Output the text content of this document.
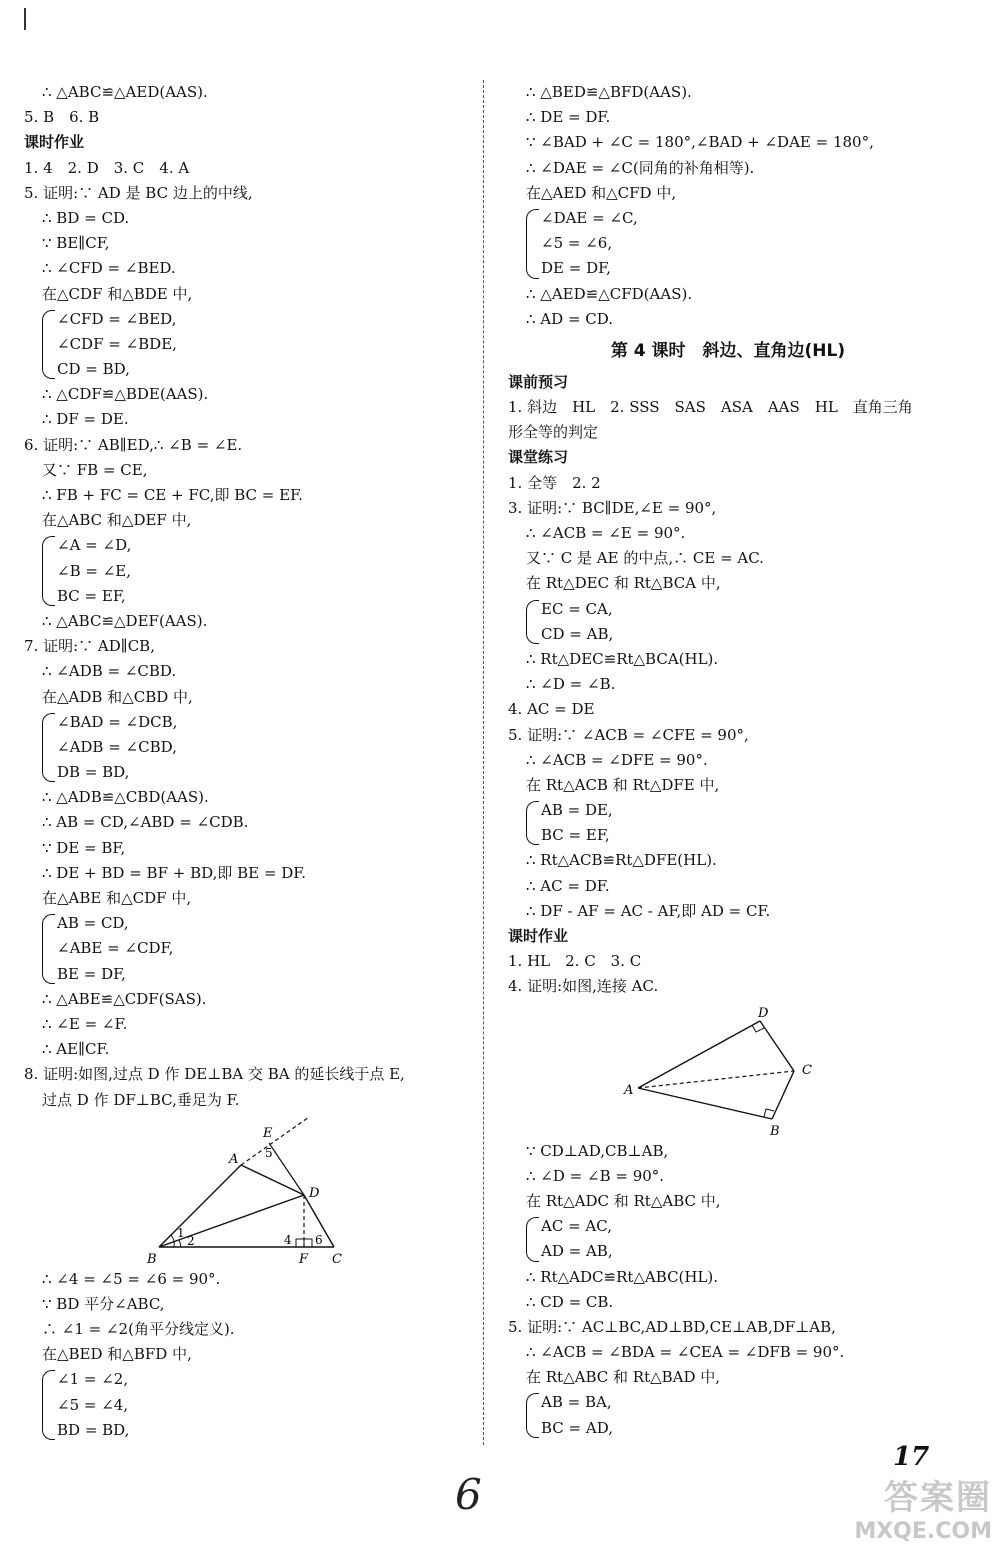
∴ △ABC≌△AED(AAS).
5. B　6. B
课时作业
1. 4　2. D　3. C　4. A
5. 证明:∵ AD 是 BC 边上的中线,
∴ BD = CD.
∵ BE∥CF,
∴ ∠CFD = ∠BED.
在△CDF 和△BDE 中,
∠CFD = ∠BED,
∠CDF = ∠BDE,
CD = BD,
∴ △CDF≌△BDE(AAS).
∴ DF = DE.
6. 证明:∵ AB∥ED,∴ ∠B = ∠E.
又∵ FB = CE,
∴ FB + FC = CE + FC,即 BC = EF.
在△ABC 和△DEF 中,
∠A = ∠D,
∠B = ∠E,
BC = EF,
∴ △ABC≌△DEF(AAS).
7. 证明:∵ AD∥CB,
∴ ∠ADB = ∠CBD.
在△ADB 和△CBD 中,
∠BAD = ∠DCB,
∠ADB = ∠CBD,
DB = BD,
∴ △ADB≌△CBD(AAS).
∴ AB = CD,∠ABD = ∠CDB.
∵ DE = BF,
∴ DE + BD = BF + BD,即 BE = DF.
在△ABE 和△CDF 中,
AB = CD,
∠ABE = ∠CDF,
BE = DF,
∴ △ABE≌△CDF(SAS).
∴ ∠E = ∠F.
∴ AE∥CF.
8. 证明:如图,过点 D 作 DE⊥BA 交 BA 的延长线于点 E,
过点 D 作 DF⊥BC,垂足为 F.
B
A
E
D
F C
1
2	4
5
6
∴ ∠4 = ∠5 = ∠6 = 90°.
∵ BD 平分∠ABC,
∴ ∠1 = ∠2(角平分线定义).
在△BED 和△BFD 中,
∠1 = ∠2,
∠5 = ∠4,
BD = BD,
∴ △BED≌△BFD(AAS).
∴ DE = DF.
∵ ∠BAD + ∠C = 180°,∠BAD + ∠DAE = 180°,
∴ ∠DAE = ∠C(同角的补角相等).
在△AED 和△CFD 中,
∠DAE = ∠C,
∠5 = ∠6,
DE = DF,
∴ △AED≌△CFD(AAS).
∴ AD = CD.
第 4 课时　斜边、直角边(HL)
课前预习
1. 斜边　HL　2. SSS　SAS　ASA　AAS　HL　直角三角
形全等的判定
课堂练习
1. 全等　2. 2
3. 证明:∵ BC∥DE,∠E = 90°,
∴ ∠ACB = ∠E = 90°.
又∵ C 是 AE 的中点,∴ CE = AC.
在 Rt△DEC 和 Rt△BCA 中,
EC = CA,
CD = AB,
∴ Rt△DEC≌Rt△BCA(HL).
∴ ∠D = ∠B.
4. AC = DE
5. 证明:∵ ∠ACB = ∠CFE = 90°,
∴ ∠ACB = ∠DFE = 90°.
在 Rt△ACB 和 Rt△DFE 中,
AB = DE,
BC = EF,
∴ Rt△ACB≌Rt△DFE(HL).
∴ AC = DF.
∴ DF - AF = AC - AF,即 AD = CF.
课时作业
1. HL　2. C　3. C
4. 证明:如图,连接 AC.
A
D
C
B
∵ CD⊥AD,CB⊥AB,
∴ ∠D = ∠B = 90°.
在 Rt△ADC 和 Rt△ABC 中,
AC = AC,
AD = AB,
∴ Rt△ADC≌Rt△ABC(HL).
∴ CD = CB.
5. 证明:∵ AC⊥BC,AD⊥BD,CE⊥AB,DF⊥AB,
∴ ∠ACB = ∠BDA = ∠CEA = ∠DFB = 90°.
在 Rt△ABC 和 Rt△BAD 中,
AB = BA,
BC = AD,
17
6	答案圈
MXQE.COM
